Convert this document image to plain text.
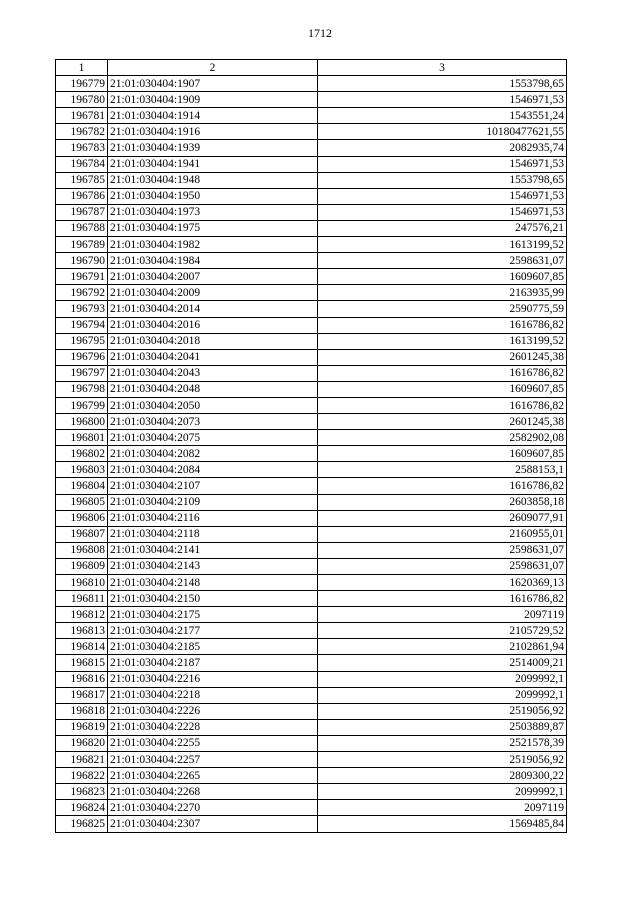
1712
1	2	3
196779	21:01:030404:1907	1553798,65
196780	21:01:030404:1909	1546971,53
196781	21:01:030404:1914	1543551,24
196782	21:01:030404:1916	10180477621,55
196783	21:01:030404:1939	2082935,74
196784	21:01:030404:1941	1546971,53
196785	21:01:030404:1948	1553798,65
196786	21:01:030404:1950	1546971,53
196787	21:01:030404:1973	1546971,53
196788	21:01:030404:1975	247576,21
196789	21:01:030404:1982	1613199,52
196790	21:01:030404:1984	2598631,07
196791	21:01:030404:2007	1609607,85
196792	21:01:030404:2009	2163935,99
196793	21:01:030404:2014	2590775,59
196794	21:01:030404:2016	1616786,82
196795	21:01:030404:2018	1613199,52
196796	21:01:030404:2041	2601245,38
196797	21:01:030404:2043	1616786,82
196798	21:01:030404:2048	1609607,85
196799	21:01:030404:2050	1616786,82
196800	21:01:030404:2073	2601245,38
196801	21:01:030404:2075	2582902,08
196802	21:01:030404:2082	1609607,85
196803	21:01:030404:2084	2588153,1
196804	21:01:030404:2107	1616786,82
196805	21:01:030404:2109	2603858,18
196806	21:01:030404:2116	2609077,91
196807	21:01:030404:2118	2160955,01
196808	21:01:030404:2141	2598631,07
196809	21:01:030404:2143	2598631,07
196810	21:01:030404:2148	1620369,13
196811	21:01:030404:2150	1616786,82
196812	21:01:030404:2175	2097119
196813	21:01:030404:2177	2105729,52
196814	21:01:030404:2185	2102861,94
196815	21:01:030404:2187	2514009,21
196816	21:01:030404:2216	2099992,1
196817	21:01:030404:2218	2099992,1
196818	21:01:030404:2226	2519056,92
196819	21:01:030404:2228	2503889,87
196820	21:01:030404:2255	2521578,39
196821	21:01:030404:2257	2519056,92
196822	21:01:030404:2265	2809300,22
196823	21:01:030404:2268	2099992,1
196824	21:01:030404:2270	2097119
196825	21:01:030404:2307	1569485,84
